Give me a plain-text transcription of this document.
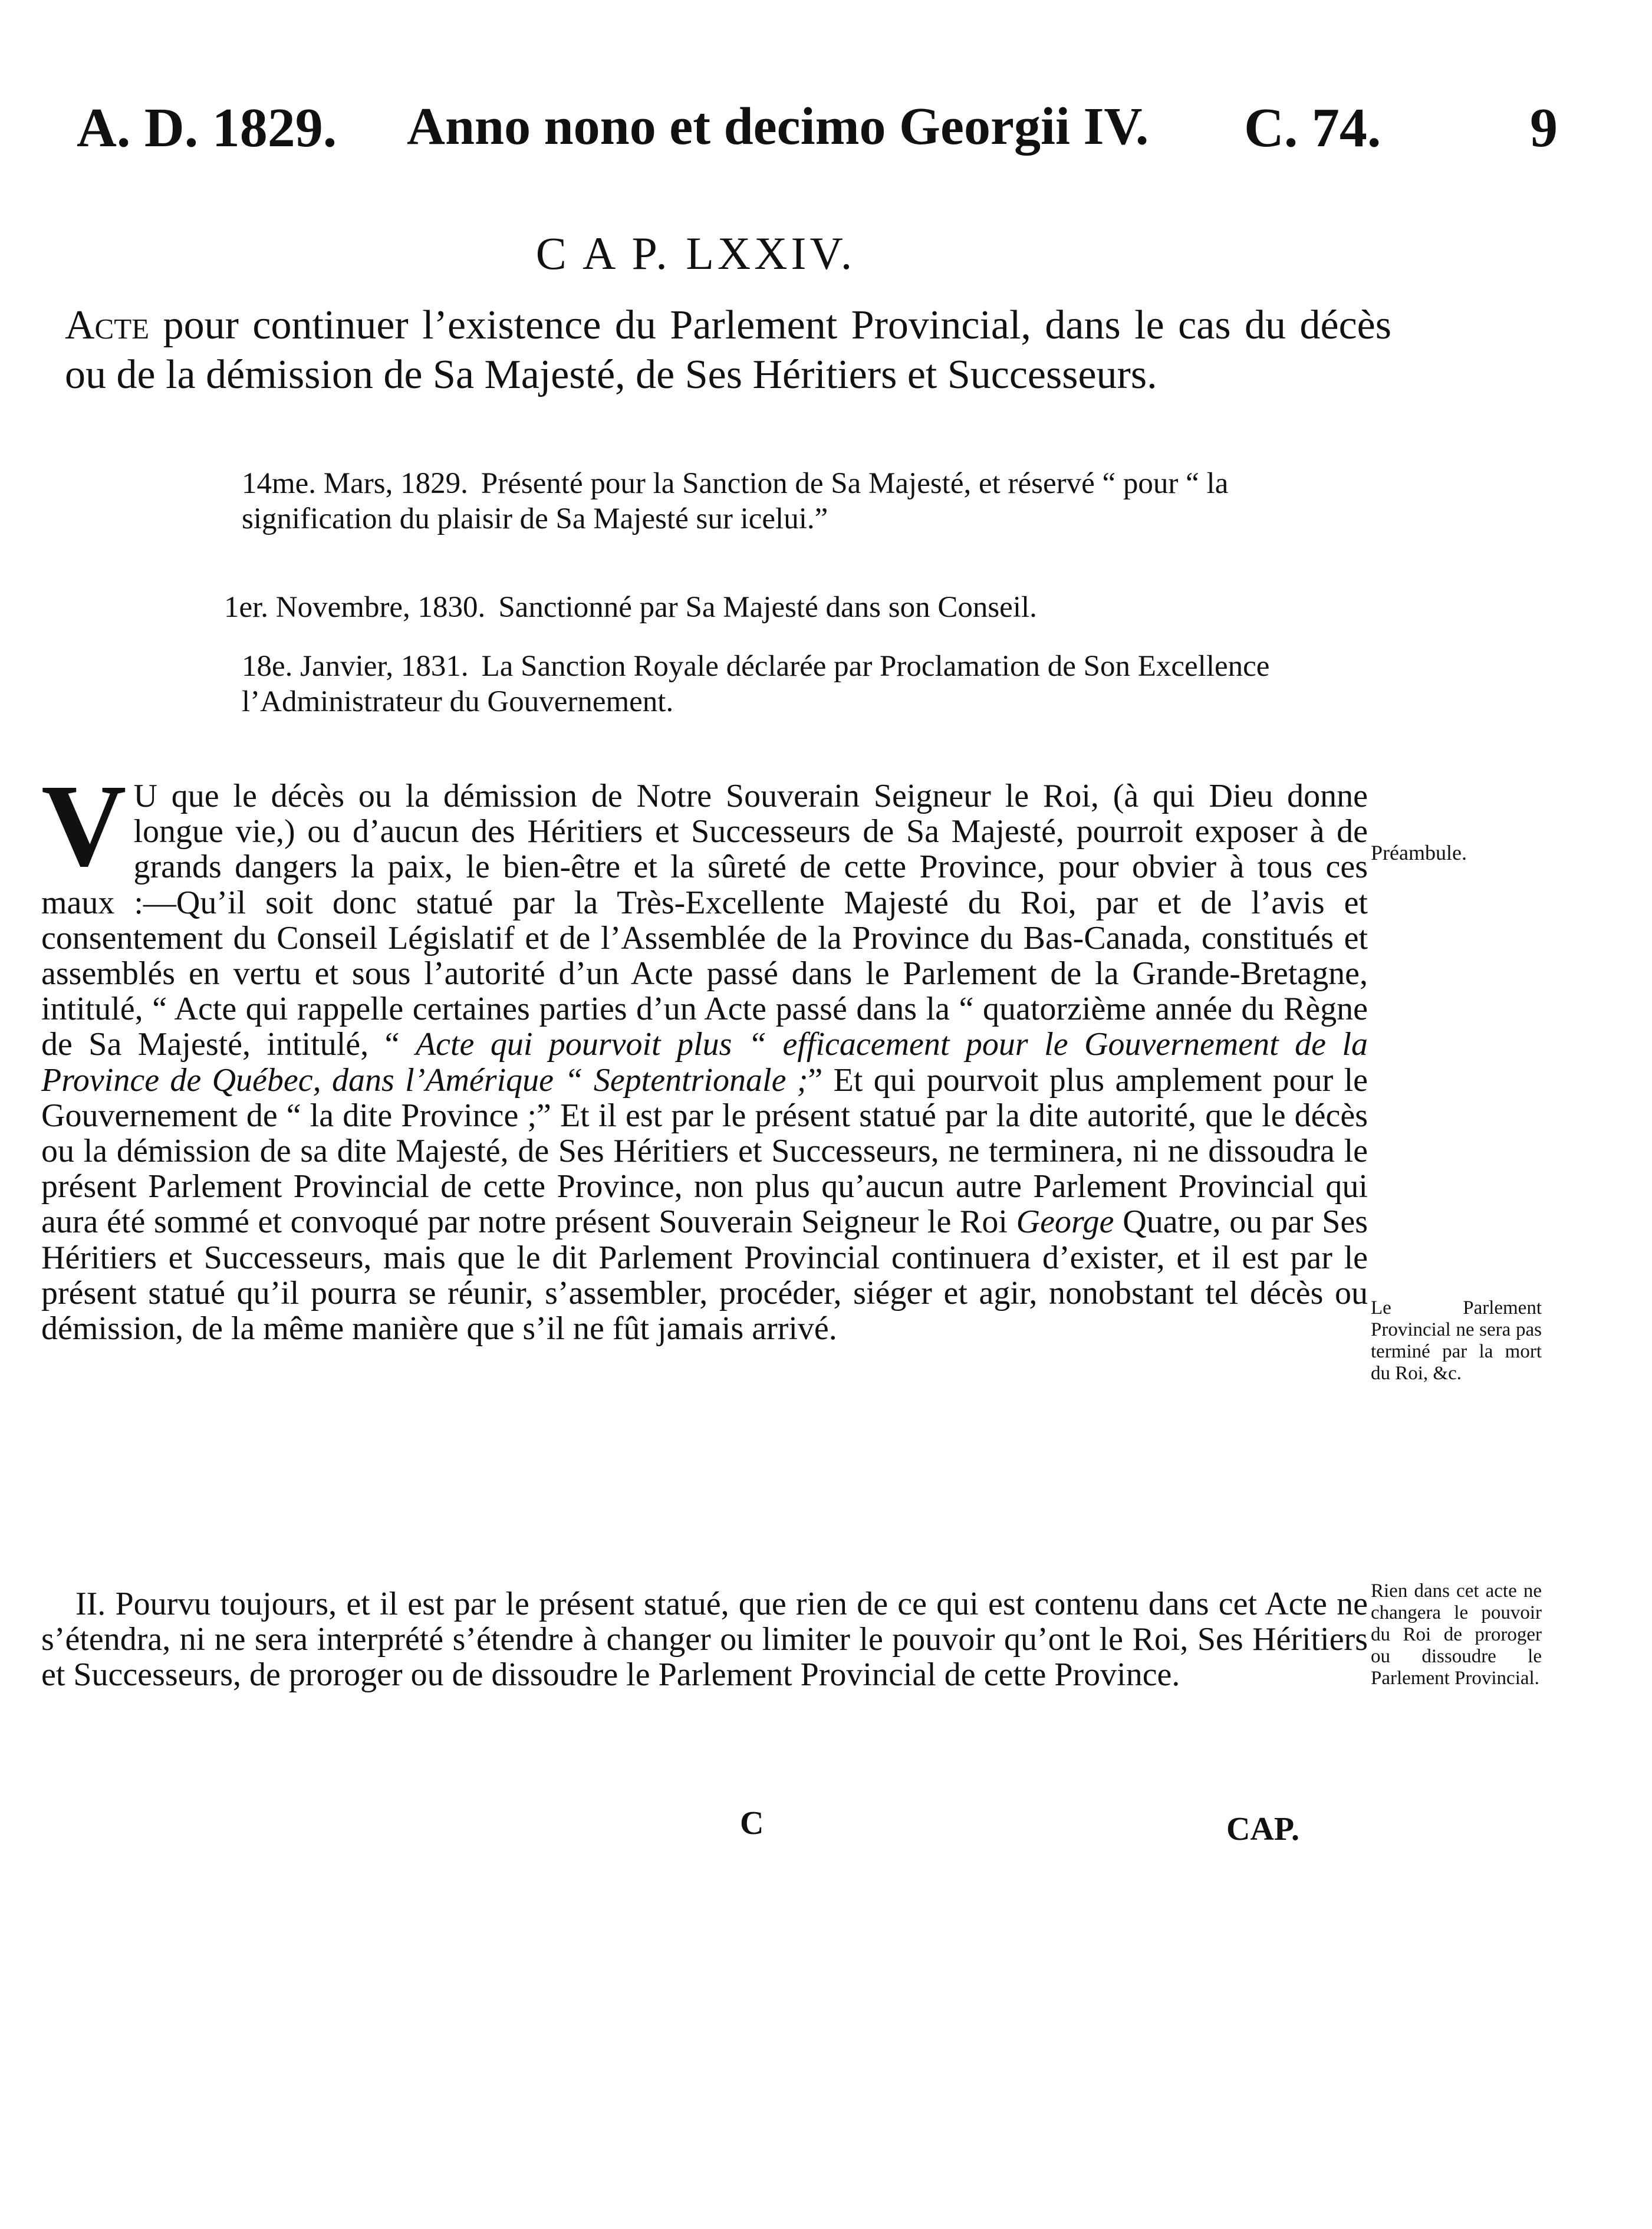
A. D. 1829. Anno nono et decimo Georgii IV. C. 74.	9
C A P. LXXIV.
Acte pour continuer l’existence du Parlement Provincial, dans le cas du décès ou de la démission de Sa Majesté, de Ses Héritiers et Successeurs.

14me. Mars, 1829. Présenté pour la Sanction de Sa Majesté, et réservé “ pour “ la signification du plaisir de Sa Majesté sur icelui.”

1er. Novembre, 1830. Sanctionné par Sa Majesté dans son Conseil.

18e. Janvier, 1831. La Sanction Royale déclarée par Proclamation de Son Excellence l’Administrateur du Gouvernement.

V U que le décès ou la démission de Notre Souverain Seigneur le Roi, (à qui Dieu donne longue vie,) ou d’aucun des Héritiers et Successeurs de Sa Majesté, pourroit exposer à de grands dangers la paix, le bien-être et la sûreté de cette Province, pour obvier à tous ces maux :—Qu’il soit donc statué par la Très-Excellente Majesté du Roi, par et de l’avis et consentement du Conseil Législatif et de l’Assemblée de la Province du Bas-Canada, constitués et assemblés en vertu et sous l’autorité d’un Acte passé dans le Parlement de la Grande-Bretagne, intitulé, “ Acte qui rappelle certaines parties d’un Acte passé dans la “ quatorzième année du Règne de Sa Majesté, intitulé, “ Acte qui pourvoit plus “ efficacement pour le Gouvernement de la Province de Québec, dans l’Amérique “ Septentrionale ;” Et qui pourvoit plus amplement pour le Gouvernement de “ la dite Province ;” Et il est par le présent statué par la dite autorité, que le décès ou la démission de sa dite Majesté, de Ses Héritiers et Successeurs, ne terminera, ni ne dissoudra le présent Parlement Provincial de cette Province, non plus qu’aucun autre Parlement Provincial qui aura été sommé et convoqué par notre présent Souverain Seigneur le Roi George Quatre, ou par Ses Héritiers et Successeurs, mais que le dit Parlement Provincial continuera d’exister, et il est par le présent statué qu’il pourra se réunir, s’assembler, procéder, siéger et agir, nonobstant tel décès ou démission, de la même manière que s’il ne fût jamais arrivé.

II. Pourvu toujours, et il est par le présent statué, que rien de ce qui est contenu dans cet Acte ne s’étendra, ni ne sera interprété s’étendre à changer ou limiter le pouvoir qu’ont le Roi, Ses Héritiers et Successeurs, de proroger ou de dissoudre le Parlement Provincial de cette Province.

Préambule.
Le Parlement Provincial ne sera pas terminé par la mort du Roi, &c.
Rien dans cet acte ne changera le pouvoir du Roi de proroger ou dissoudre le Parlement Provincial.
C	CAP.
